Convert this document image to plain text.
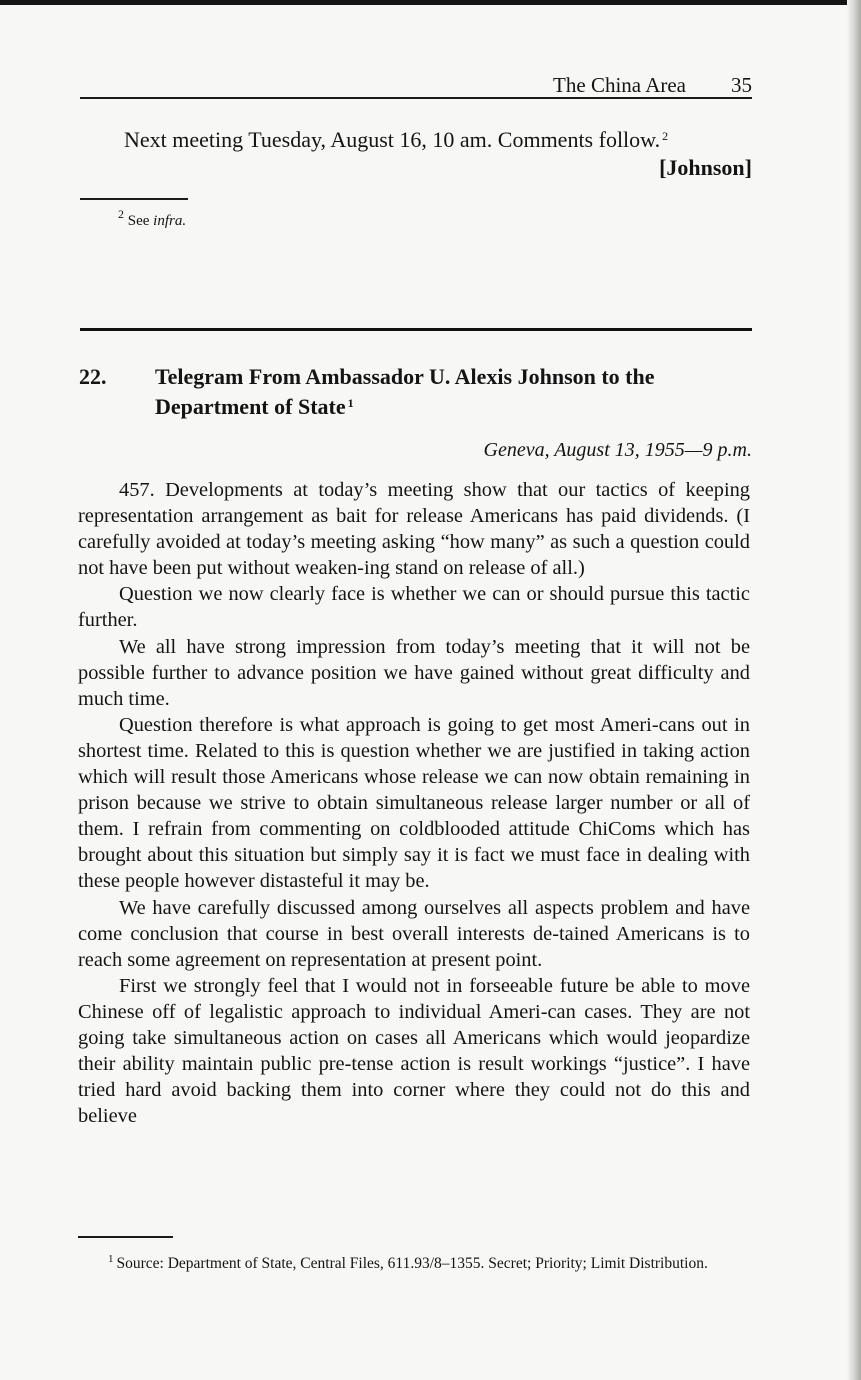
The China Area 35
Next meeting Tuesday, August 16, 10 am. Comments follow. $^2$
[Johnson]
$^2$ See infra.
22. Telegram From Ambassador U. Alexis Johnson to the Department of State $^1$
Geneva, August 13, 1955—9 p.m.

457. Developments at today’s meeting show that our tactics of keeping representation arrangement as bait for release Americans has paid dividends. (I carefully avoided at today’s meeting asking “how many” as such a question could not have been put without weaken-ing stand on release of all.)

Question we now clearly face is whether we can or should pursue this tactic further.

We all have strong impression from today’s meeting that it will not be possible further to advance position we have gained without great difficulty and much time.

Question therefore is what approach is going to get most Ameri-cans out in shortest time. Related to this is question whether we are justified in taking action which will result those Americans whose release we can now obtain remaining in prison because we strive to obtain simultaneous release larger number or all of them. I refrain from commenting on coldblooded attitude ChiComs which has brought about this situation but simply say it is fact we must face in dealing with these people however distasteful it may be.

We have carefully discussed among ourselves all aspects problem and have come conclusion that course in best overall interests de-tained Americans is to reach some agreement on representation at present point.

First we strongly feel that I would not in forseeable future be able to move Chinese off of legalistic approach to individual Ameri-can cases. They are not going take simultaneous action on cases all Americans which would jeopardize their ability maintain public pre-tense action is result workings “justice”. I have tried hard avoid backing them into corner where they could not do this and believe

$^1$ Source: Department of State, Central Files, 611.93/8–1355. Secret; Priority; Limit Distribution.
